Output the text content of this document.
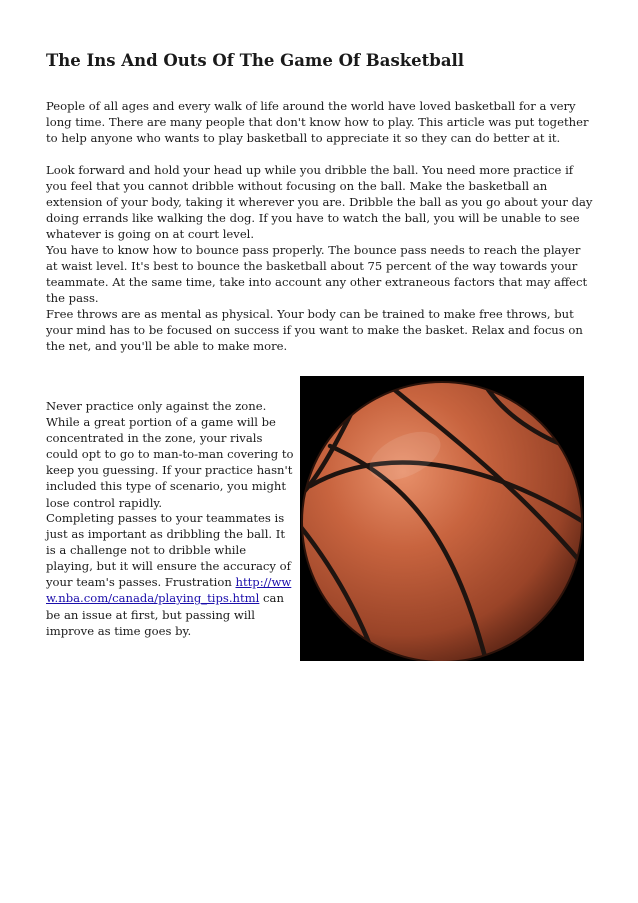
The Ins And Outs Of The Game Of Basketball

People of all ages and every walk of life around the world have loved basketball for a very long time. There are many people that don't know how to play. This article was put together to help anyone who wants to play basketball to appreciate it so they can do better at it.

Look forward and hold your head up while you dribble the ball. You need more practice if you feel that you cannot dribble without focusing on the ball. Make the basketball an extension of your body, taking it wherever you are. Dribble the ball as you go about your day doing errands like walking the dog. If you have to watch the ball, you will be unable to see whatever is going on at court level.

You have to know how to bounce pass properly. The bounce pass needs to reach the player at waist level. It's best to bounce the basketball about 75 percent of the way towards your teammate. At the same time, take into account any other extraneous factors that may affect the pass.

Free throws are as mental as physical. Your body can be trained to make free throws, but your mind has to be focused on success if you want to make the basket. Relax and focus on the net, and you'll be able to make more.

Never practice only against the zone. While a great portion of a game will be concentrated in the zone, your rivals could opt to go to man-to-man covering to keep you guessing. If your practice hasn't included this type of scenario, you might lose control rapidly.

Completing passes to your teammates is just as important as dribbling the ball. It is a challenge not to dribble while playing, but it will ensure the accuracy of your team's passes. Frustration http://www.nba.com/canada/playing_tips.html can be an issue at first, but passing will improve as time goes by.
